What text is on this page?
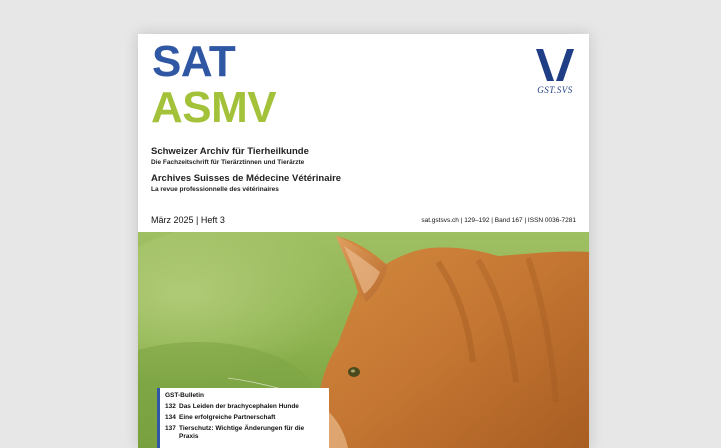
SAT
ASMV	GST.SVS
Schweizer Archiv für Tierheilkunde
Die Fachzeitschrift für Tierärztinnen und Tierärzte
Archives Suisses de Médecine Vétérinaire
La revue professionnelle des vétérinaires
März 2025 | Heft 3	sat.gstsvs.ch | 129–192 | Band 167 | ISSN 0036-7281
GST-Bulletin
132 Das Leiden der brachycephalen Hunde
134 Eine erfolgreiche Partnerschaft
137 Tierschutz: Wichtige Änderungen für die Praxis
